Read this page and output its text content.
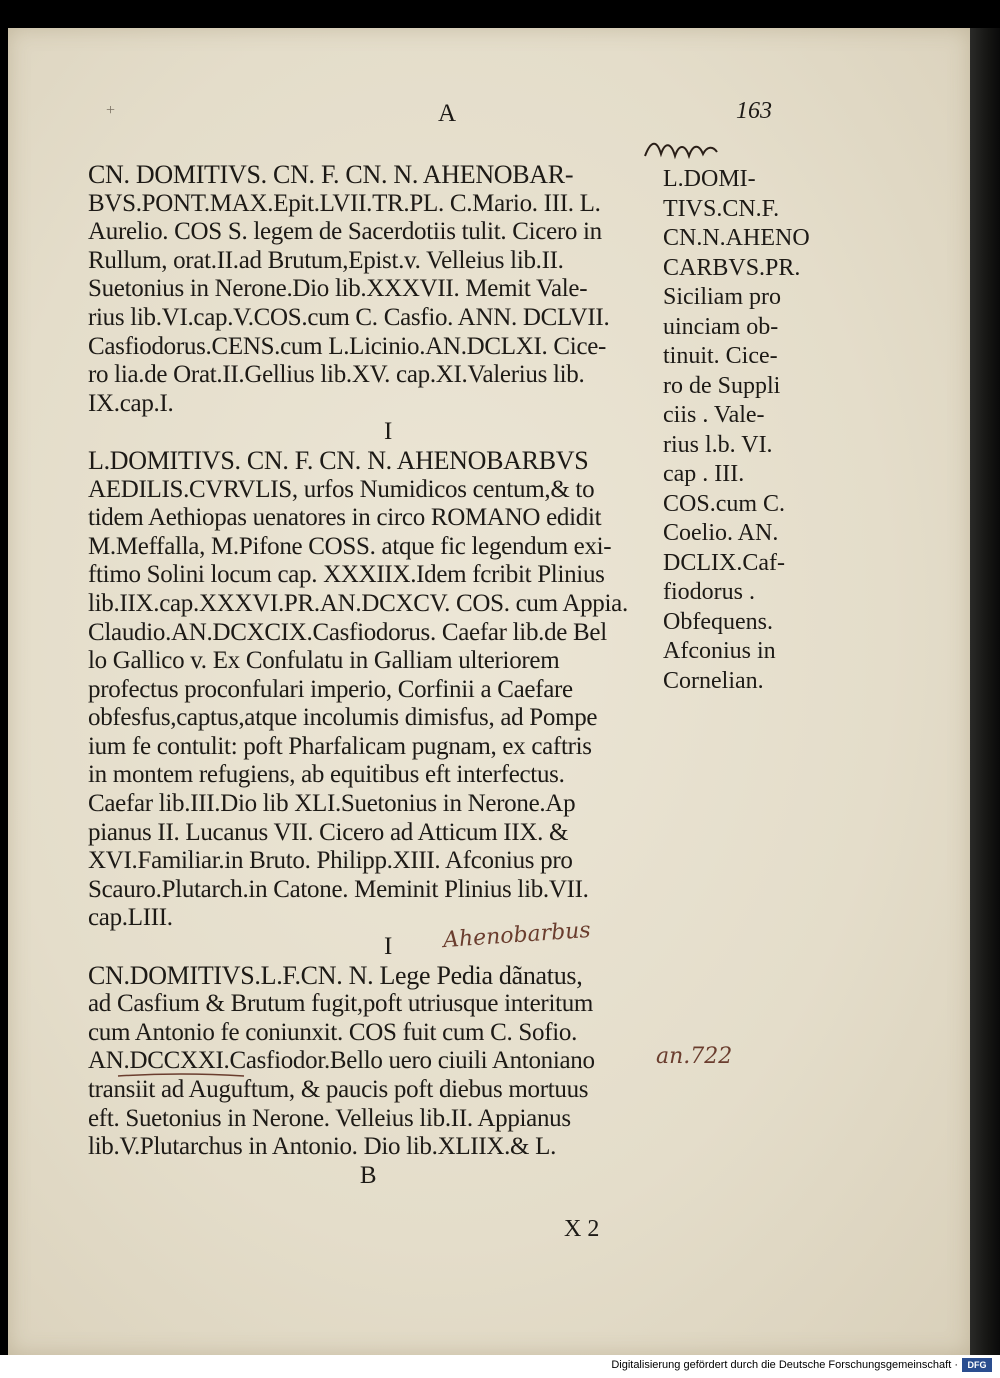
+	A	163

CN. DOMITIVS. CN. F. CN. N. AHENOBAR-

BVS.PONT.MAX.Epit.LVII.TR.PL. C.Mario. III. L.

Aurelio. COS S. legem de Sacerdotiis tulit. Cicero in

Rullum, orat.II.ad Brutum,Epist.v. Velleius lib.II.

Suetonius in Nerone.Dio lib.XXXVII. Memit Vale-

rius lib.VI.cap.V.COS.cum C. Casfio. ANN. DCLVII.

Casfiodorus.CENS.cum L.Licinio.AN.DCLXI. Cice-

ro lia.de Orat.II.Gellius lib.XV. cap.XI.Valerius lib.

IX.cap.I.

I

L.DOMITIVS. CN. F. CN. N. AHENOBARBVS

AEDILIS.CVRVLIS, urfos Numidicos centum,& to

tidem Aethiopas uenatores in circo ROMANO edidit

M.Meffalla, M.Pifone COSS. atque fic legendum exi-

ftimo Solini locum cap. XXXIIX.Idem fcribit Plinius

lib.IIX.cap.XXXVI.PR.AN.DCXCV. COS. cum Appia.

Claudio.AN.DCXCIX.Casfiodorus. Caefar lib.de Bel

lo Gallico v. Ex Confulatu in Galliam ulteriorem

profectus proconfulari imperio, Corfinii a Caefare

obfesfus,captus,atque incolumis dimisfus, ad Pompe

ium fe contulit: poft Pharfalicam pugnam, ex caftris

in montem refugiens, ab equitibus eft interfectus.

Caefar lib.III.Dio lib XLI.Suetonius in Nerone.Ap

pianus II. Lucanus VII. Cicero ad Atticum IIX. &

XVI.Familiar.in Bruto. Philipp.XIII. Afconius pro

Scauro.Plutarch.in Catone. Meminit Plinius lib.VII.

cap.LIII.

I

CN.DOMITIVS.L.F.CN. N. Lege Pedia dãnatus,

ad Casfium & Brutum fugit,poft utriusque interitum

cum Antonio fe coniunxit. COS fuit cum C. Sofio.

AN.DCCXXI.Casfiodor.Bello uero ciuili Antoniano

transiit ad Auguftum, & paucis poft diebus mortuus

eft. Suetonius in Nerone. Velleius lib.II. Appianus

lib.V.Plutarchus in Antonio. Dio lib.XLIIX.& L.

B

L.DOMI-

TIVS.CN.F.

CN.N.AHENO

CARBVS.PR.

Siciliam pro

uinciam ob-

tinuit. Cice-

ro de Suppli

ciis . Vale-

rius l.b. VI.

cap . III.

COS.cum C.

Coelio. AN.

DCLIX.Caf-

fiodorus .

Obfequens.

Afconius in

Cornelian.

Ahenobarbus
an.722
X 2
Digitalisierung gefördert durch die Deutsche Forschungsgemeinschaft ·	DFG
